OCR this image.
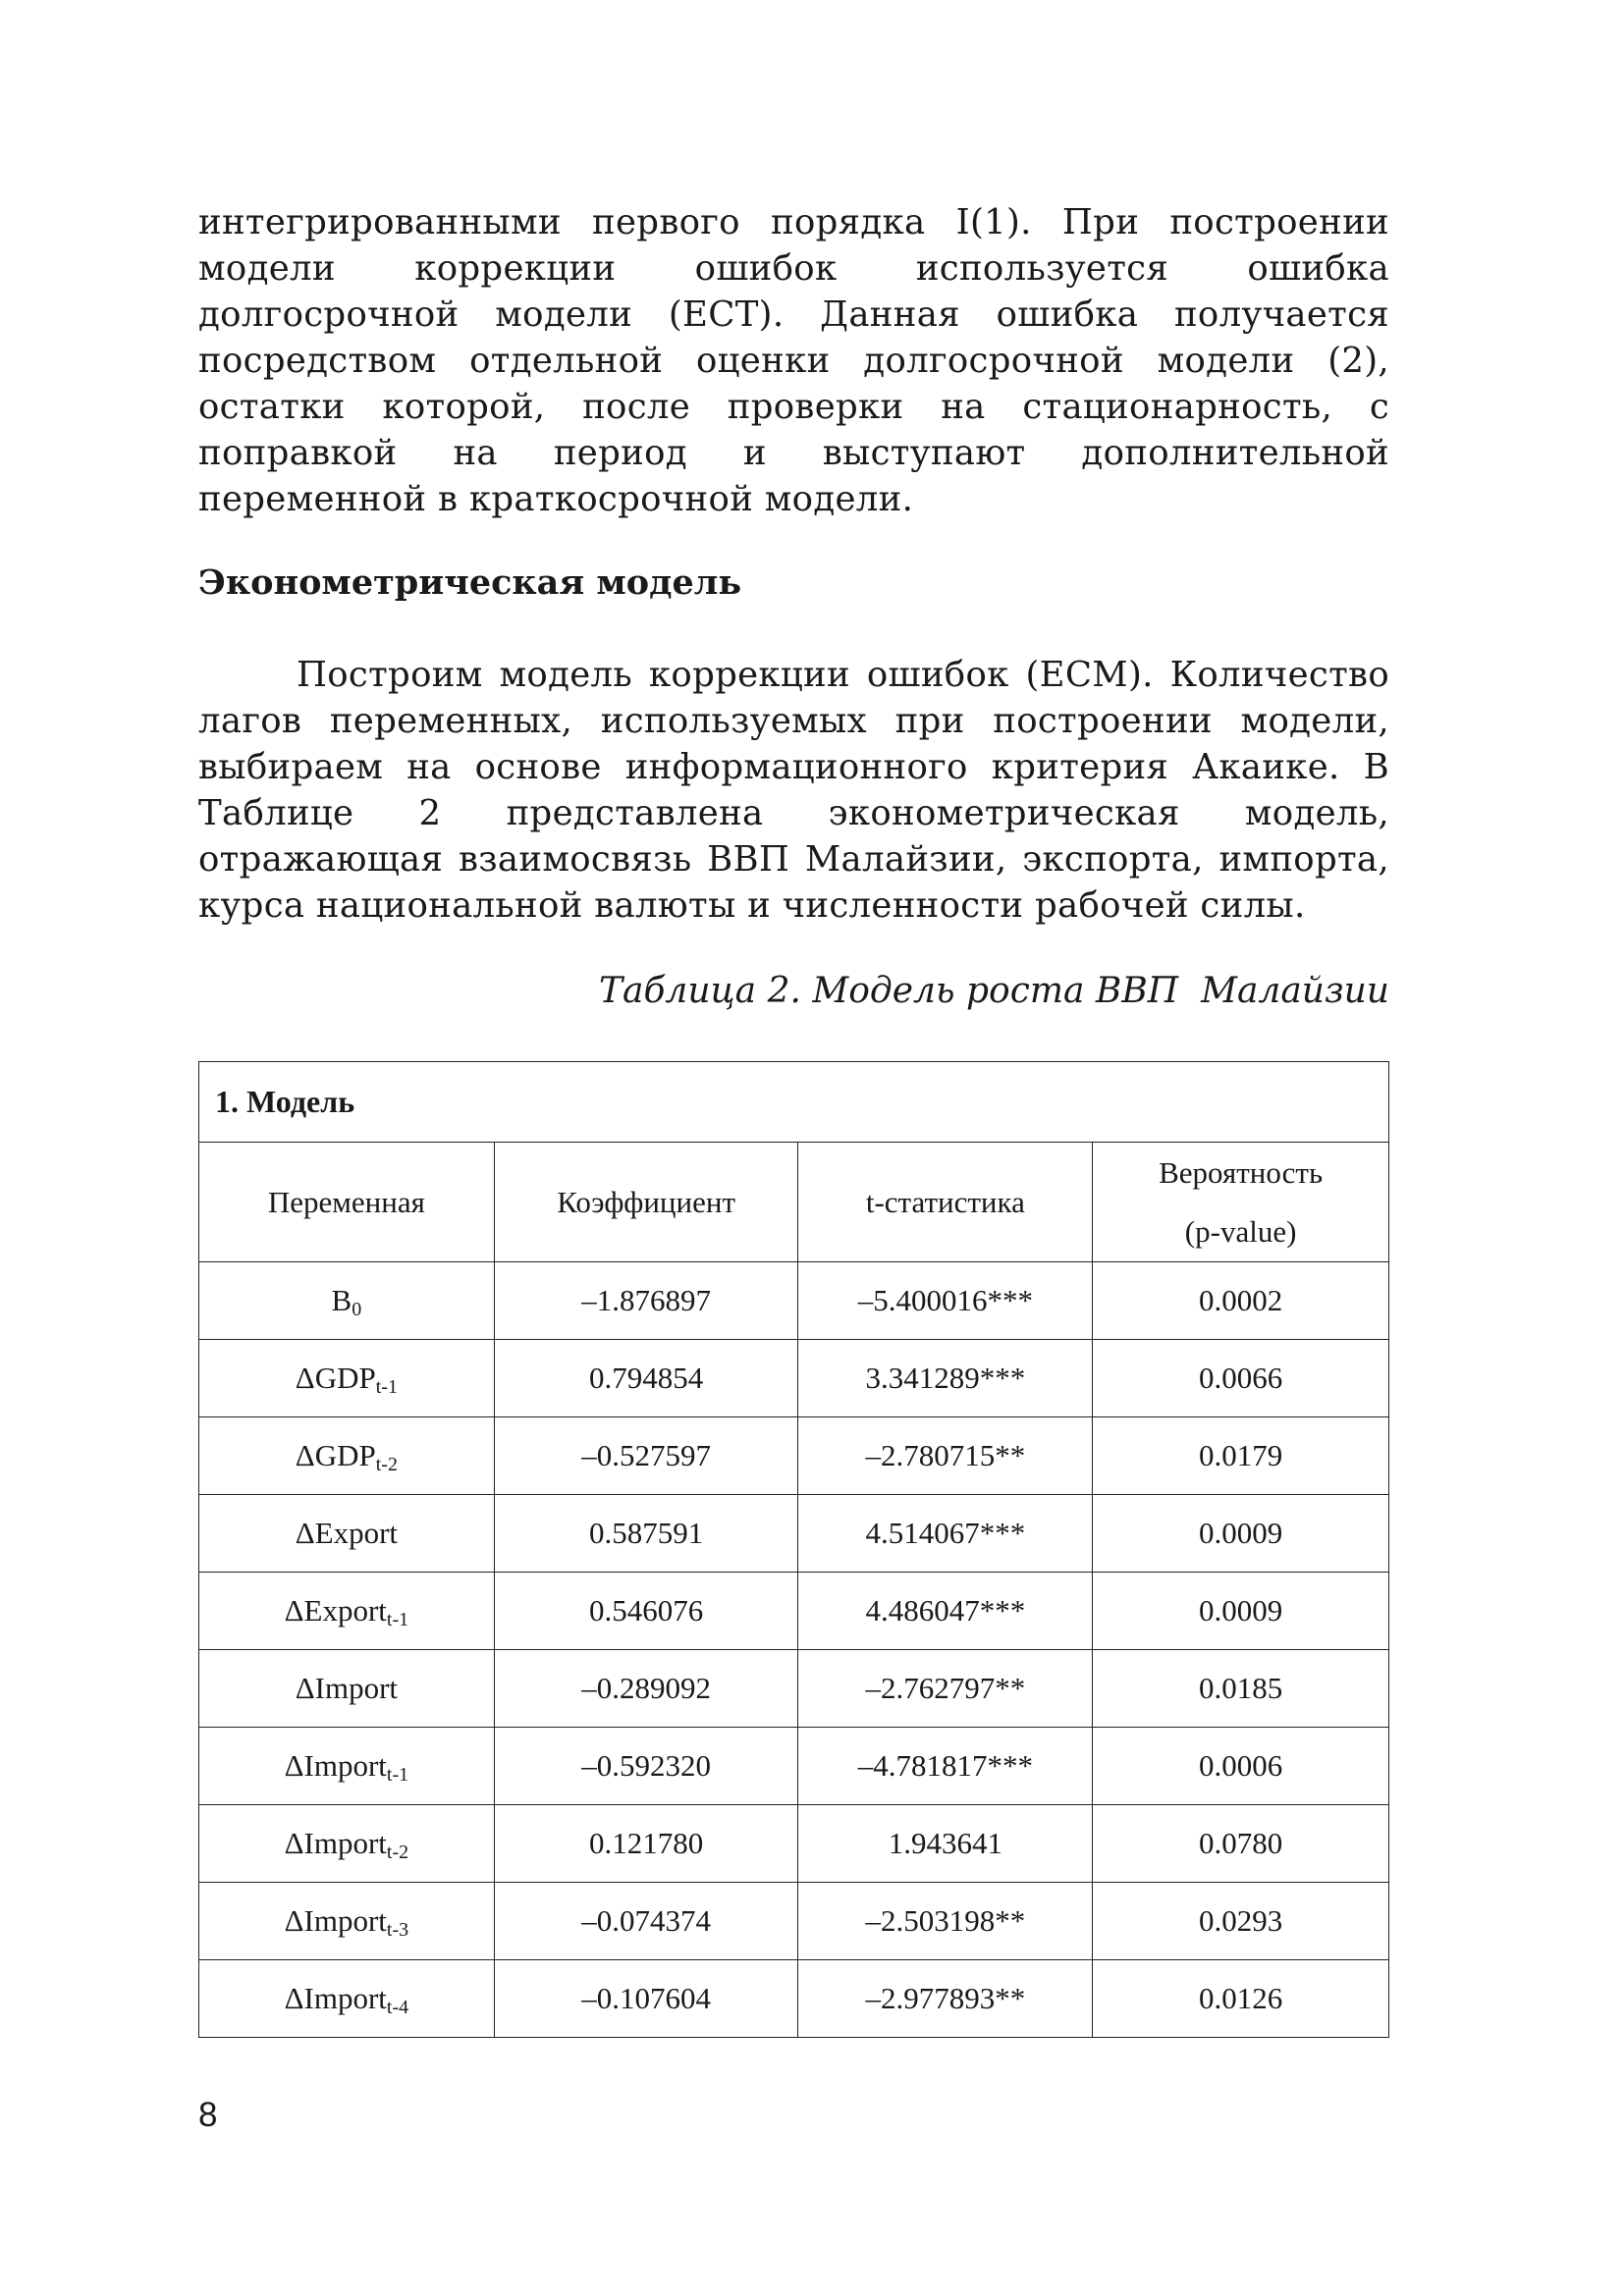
интегрированными первого порядка I(1). При построении модели коррекции ошибок используется ошибка долгосрочной модели (ECT). Данная ошибка получается посредством отдельной оценки долгосрочной модели (2), остатки которой, после проверки на стационарность, с поправкой на период и выступают дополнительной переменной в краткосрочной модели.

Эконометрическая модель

Построим модель коррекции ошибок (ECM). Количество лагов переменных, используемых при построении модели, выбираем на основе информационного критерия Акаике. В Таблице 2 представлена эконометрическая модель, отражающая взаимосвязь ВВП Малайзии, экспорта, импорта, курса национальной валюты и численности рабочей силы.

Таблица 2. Модель роста ВВП  Малайзии

1. Модель			
Переменная	Коэффициент	t-статистика	Вероятность
(p-value)
$B_0$	–1.876897	–5.400016***	0.0002
$\Delta GDP_{t-1}$	0.794854	3.341289***	0.0066
$\Delta GDP_{t-2}$	–0.527597	–2.780715**	0.0179
ΔExport	0.587591	4.514067***	0.0009
ΔExport$_{t-1}$	0.546076	4.486047***	0.0009
ΔImport	–0.289092	–2.762797**	0.0185
ΔImport$_{t-1}$	–0.592320	–4.781817***	0.0006
ΔImport$_{t-2}$	0.121780	1.943641	0.0780
ΔImport$_{t-3}$	–0.074374	–2.503198**	0.0293
ΔImport$_{t-4}$	–0.107604	–2.977893**	0.0126

8
